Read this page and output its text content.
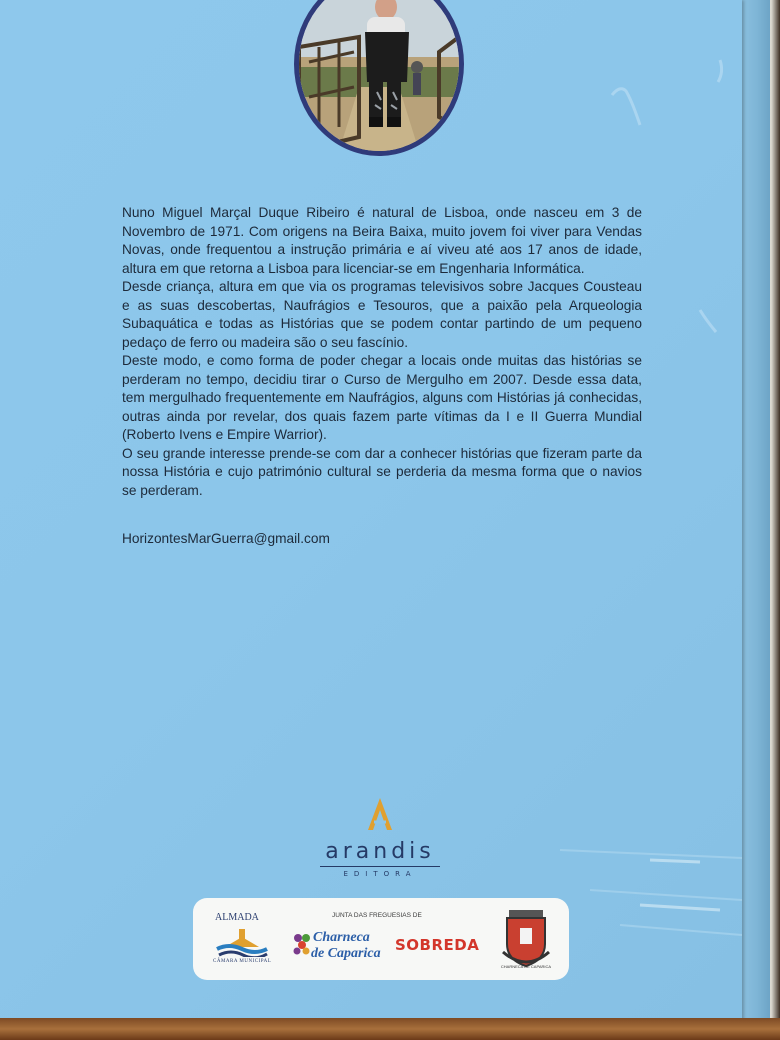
Nuno Miguel Marçal Duque Ribeiro é natural de Lisboa, onde nasceu em 3 de Novembro de 1971. Com origens na Beira Baixa, muito jovem foi viver para Vendas Novas, onde frequentou a instrução primária e aí viveu até aos 17 anos de idade, altura em que retorna a Lisboa para licenciar-se em Engenharia Informática.

Desde criança, altura em que via os programas televisivos sobre Jacques Cousteau e as suas descobertas, Naufrágios e Tesouros, que a paixão pela Arqueologia Subaquática e todas as Histórias que se podem contar partindo de um pequeno pedaço de ferro ou madeira são o seu fascínio.

Deste modo, e como forma de poder chegar a locais onde muitas das histórias se perderam no tempo, decidiu tirar o Curso de Mergulho em 2007. Desde essa data, tem mergulhado frequentemente em Naufrágios, alguns com Histórias já conhecidas, outras ainda por revelar, dos quais fazem parte vítimas da I e II Guerra Mundial (Roberto Ivens e Empire Warrior).

O seu grande interesse prende-se com dar a conhecer histórias que fizeram parte da nossa História e cujo património cultural se perderia da mesma forma que o navios se perderam.

HorizontesMarGuerra@gmail.com
arandis
EDITORA
ALMADA
CÂMARA MUNICIPAL
JUNTA DAS FREGUESIAS DE
Charneca
de Caparica SOBREDA
CHARNECA DE CAPARICA
